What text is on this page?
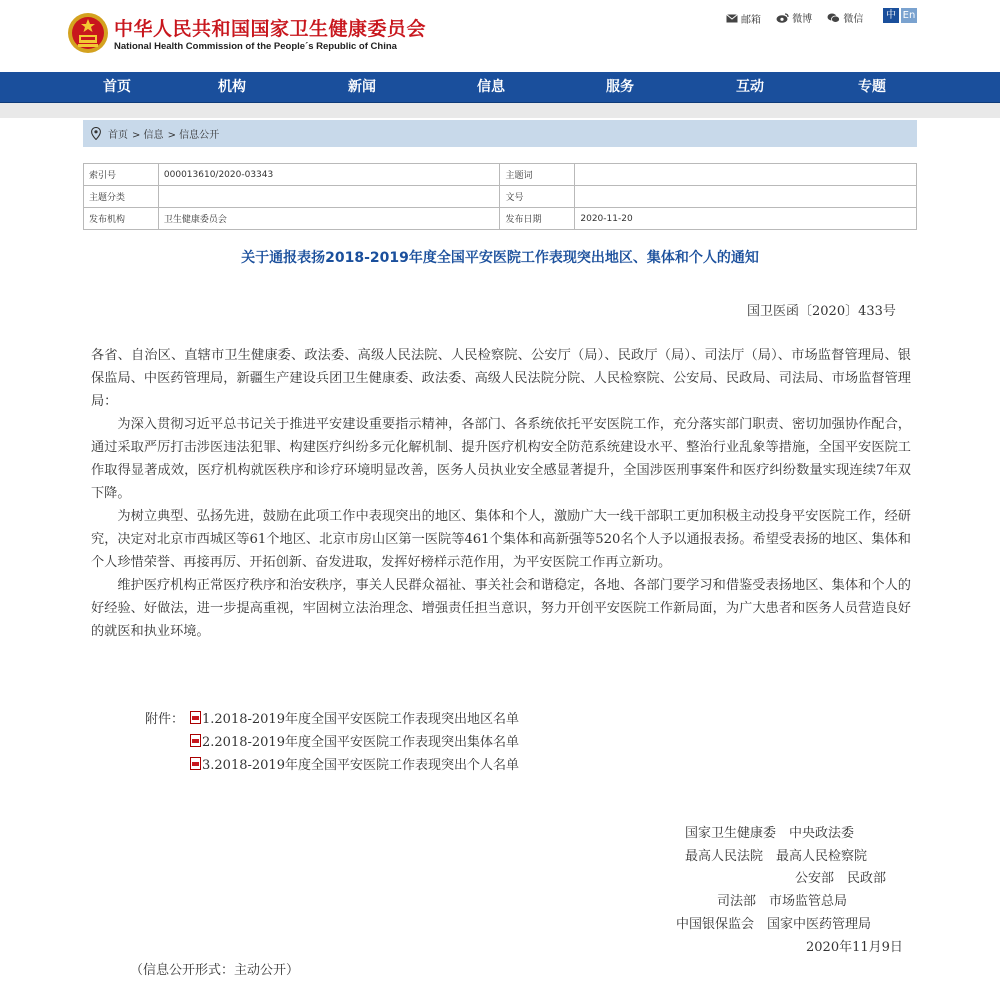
中华人民共和国国家卫生健康委员会
National Health Commission of the People´s Republic of China
邮箱
	微博
	微信	中 En
首页	机构	新闻	信息	服务	互动	专题
首页 > 信息 > 信息公开
索引号	000013610/2020-03343	主题词	
主题分类		文号	
发布机构	卫生健康委员会	发布日期	2020-11-20
关于通报表扬2018-2019年度全国平安医院工作表现突出地区、集体和个人的通知
国卫医函〔2020〕433号

各省、自治区、直辖市卫生健康委、政法委、高级人民法院、人民检察院、公安厅（局）、民政厅（局）、司法厅（局）、市场监督管理局、银保监局、中医药管理局，新疆生产建设兵团卫生健康委、政法委、高级人民法院分院、人民检察院、公安局、民政局、司法局、市场监督管理局：

为深入贯彻习近平总书记关于推进平安建设重要指示精神，各部门、各系统依托平安医院工作，充分落实部门职责、密切加强协作配合，通过采取严厉打击涉医违法犯罪、构建医疗纠纷多元化解机制、提升医疗机构安全防范系统建设水平、整治行业乱象等措施，全国平安医院工作取得显著成效，医疗机构就医秩序和诊疗环境明显改善，医务人员执业安全感显著提升，全国涉医刑事案件和医疗纠纷数量实现连续7年双下降。

为树立典型、弘扬先进，鼓励在此项工作中表现突出的地区、集体和个人，激励广大一线干部职工更加积极主动投身平安医院工作，经研究，决定对北京市西城区等61个地区、北京市房山区第一医院等461个集体和高新强等520名个人予以通报表扬。希望受表扬的地区、集体和个人珍惜荣誉、再接再厉、开拓创新、奋发进取，发挥好榜样示范作用，为平安医院工作再立新功。

维护医疗机构正常医疗秩序和治安秩序，事关人民群众福祉、事关社会和谐稳定，各地、各部门要学习和借鉴受表扬地区、集体和个人的好经验、好做法，进一步提高重视，牢固树立法治理念、增强责任担当意识，努力开创平安医院工作新局面，为广大患者和医务人员营造良好的就医和执业环境。

附件： 1.2018-2019年度全国平安医院工作表现突出地区名单
2.2018-2019年度全国平安医院工作表现突出集体名单
3.2018-2019年度全国平安医院工作表现突出个人名单
国家卫生健康委　中央政法委
最高人民法院　最高人民检察院
公安部　民政部
司法部　市场监管总局
中国银保监会　国家中医药管理局
2020年11月9日
（信息公开形式：主动公开）
